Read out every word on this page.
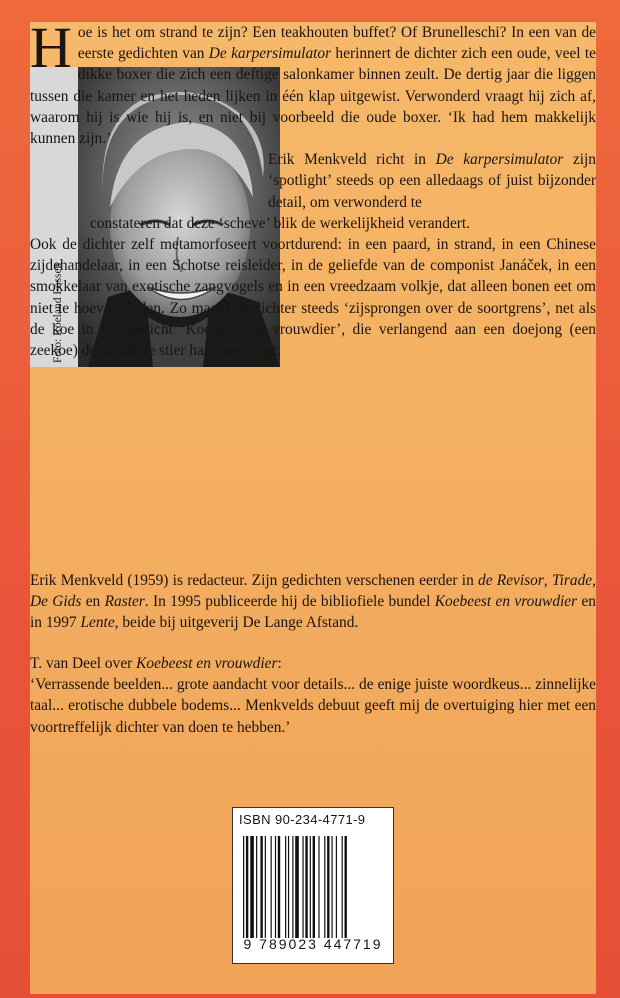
Foto: Roeland Fossen

Hoe is het om strand te zijn? Een teakhouten buffet? Of Brunelleschi? In een van de eerste gedichten van De karpersimulator herinnert de dichter zich een oude, veel te dikke boxer die zich een deftige salonkamer binnen zeult. De dertig jaar die liggen tussen die kamer en het heden lijken in één klap uitgewist. Verwonderd vraagt hij zich af, waarom hij is wie hij is, en niet bij voorbeeld die oude boxer. ‘Ik had hem makkelijk kunnen zijn.’

Erik Menkveld richt in De karpersimulator zijn ‘spotlight’ steeds op een alledaags of juist bijzonder detail, om verwonderd te

constateren dat deze ‘scheve’ blik de werkelijkheid verandert.

Ook de dichter zelf metamorfoseert voortdurend: in een paard, in strand, in een Chinese zijdehandelaar, in een Schotse reisleider, in de geliefde van de componist Janáček, in een smokkelaar van exotische zangvogels en in een vreedzaam volkje, dat alleen bonen eet om niet te hoeven doden. Zo maakt de dichter steeds ‘zijsprongen over de soortgrens’, net als de koe in het gedicht ‘Koebeest en vrouwdier’, die verlangend aan een doejong (een zeekoe) denkt als de stier haar bespringt.

Erik Menkveld (1959) is redacteur. Zijn gedichten verschenen eerder in de Revisor, Tirade, De Gids en Raster. In 1995 publiceerde hij de bibliofiele bundel Koebeest en vrouwdier en in 1997 Lente, beide bij uitgeverij De Lange Afstand.
T. van Deel over Koebeest en vrouwdier:
‘Verrassende beelden... grote aandacht voor details... de enige juiste woordkeus... zinnelijke taal... erotische dubbele bodems... Menkvelds debuut geeft mij de overtuiging hier met een voortreffelijk dichter van doen te hebben.’
ISBN 90-234-4771-9
9 789023 447719
